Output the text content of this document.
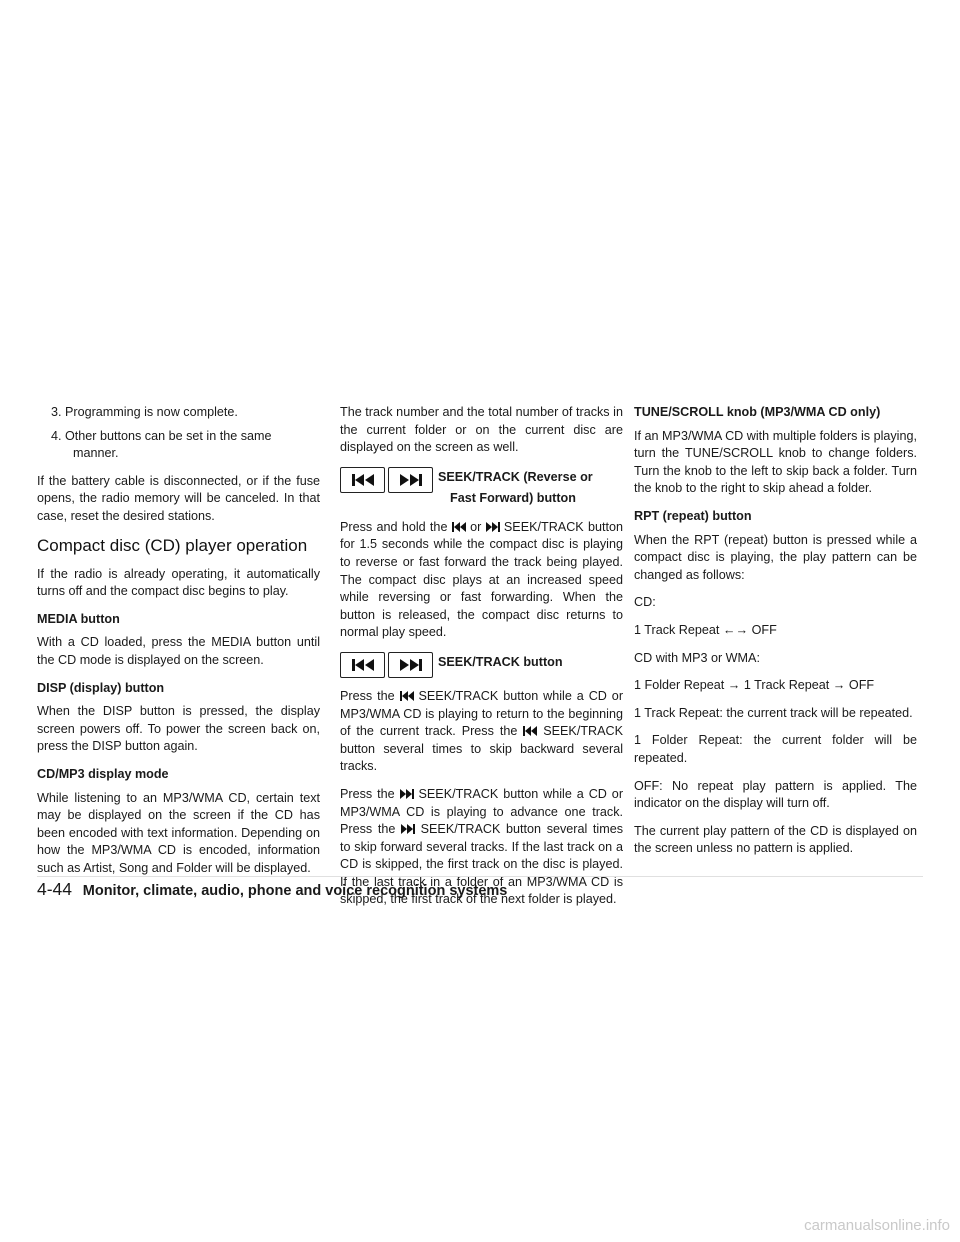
3. Programming is now complete.

4. Other buttons can be set in the same manner.

If the battery cable is disconnected, or if the fuse opens, the radio memory will be canceled. In that case, reset the desired stations.

Compact disc (CD) player operation

If the radio is already operating, it automatically turns off and the compact disc begins to play.

MEDIA button

With a CD loaded, press the MEDIA button until the CD mode is displayed on the screen.

DISP (display) button

When the DISP button is pressed, the display screen powers off. To power the screen back on, press the DISP button again.

CD/MP3 display mode

While listening to an MP3/WMA CD, certain text may be displayed on the screen if the CD has been encoded with text information. Depending on how the MP3/WMA CD is encoded, information such as Artist, Song and Folder will be displayed.

The track number and the total number of tracks in the current folder or on the current disc are displayed on the screen as well.

SEEK/TRACK (Reverse or
Fast Forward) button

Press and hold the or SEEK/TRACK button for 1.5 seconds while the compact disc is playing to reverse or fast forward the track being played. The compact disc plays at an increased speed while reversing or fast forwarding. When the button is released, the compact disc returns to normal play speed.

SEEK/TRACK button

Press the SEEK/TRACK button while a CD or MP3/WMA CD is playing to return to the beginning of the current track. Press the SEEK/TRACK button several times to skip backward several tracks.

Press the SEEK/TRACK button while a CD or MP3/WMA CD is playing to advance one track. Press the SEEK/TRACK button several times to skip forward several tracks. If the last track on a CD is skipped, the first track on the disc is played. If the last track in a folder of an MP3/WMA CD is skipped, the first track of the next folder is played.

TUNE/SCROLL knob (MP3/WMA CD only)

If an MP3/WMA CD with multiple folders is playing, turn the TUNE/SCROLL knob to change folders. Turn the knob to the left to skip back a folder. Turn the knob to the right to skip ahead a folder.

RPT (repeat) button

When the RPT (repeat) button is pressed while a compact disc is playing, the play pattern can be changed as follows:

CD:

1 Track Repeat ←→ OFF

CD with MP3 or WMA:

1 Folder Repeat → 1 Track Repeat → OFF

1 Track Repeat: the current track will be repeated.

1 Folder Repeat: the current folder will be repeated.

OFF: No repeat play pattern is applied. The indicator on the display will turn off.

The current play pattern of the CD is displayed on the screen unless no pattern is applied.

4-44 Monitor, climate, audio, phone and voice recognition systems
carmanualsonline.info
